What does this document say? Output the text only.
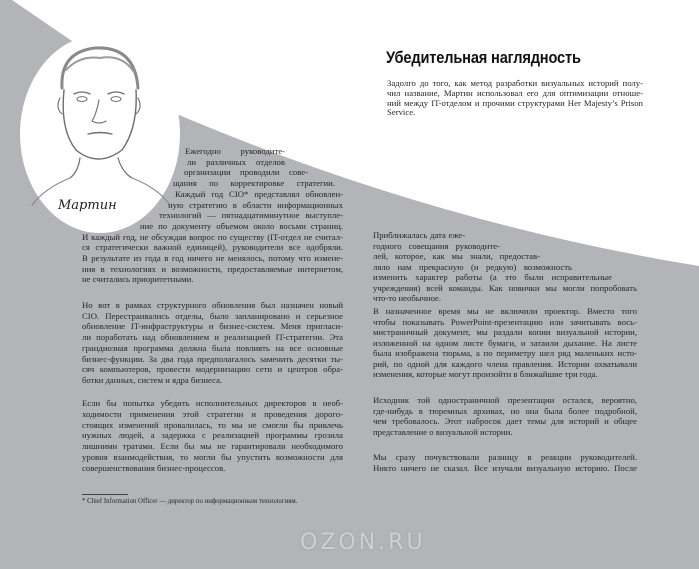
Мартин
Убедительная наглядность
Задолго до того, как метод разработки визуальных историй полу-
чил название, Мартин использовал его для оптимизации отноше-
ний между IT-отделом и прочими структурами Her Majesty’s Prison
Service.
Ежегодно руководите-
ли различных отделов
организации проводили сове-
щания по корректировке стратегии.
Каждый год CIO* представлял обновлен-
ную стратегию в области информационных
технологий — пятнадцатиминутное выступле-
ние по документу объемом около восьми страниц.
И каждый год, не обсуждая вопрос по существу (IT-отдел не считал-
ся стратегически важной единицей), руководители все одобряли.
В результате из года в год ничего не менялось, потому что измене-
ния в технологиях и возможности, предоставляемые интернетом,
не считались приоритетными.
Но вот в рамках структурного обновления был назначен новый
CIO. Перестраивались отделы, было запланировано и серьезное
обновление IT-инфраструктуры и бизнес-систем. Меня пригласи-
ли поработать над обновлением и реализацией IT-стратегии. Эта
грандиозная программа должна была повлиять на все основные
бизнес-функции. За два года предполагалось заменить десятки ты-
сяч компьютеров, провести модернизацию сети и центров обра-
ботки данных, систем и ядра бизнеса.
Если бы попытка убедить исполнительных директоров в необ-
ходимости применения этой стратегии и проведения дорого-
стоящих изменений провалилась, то мы не смогли бы привлечь
нужных людей, а задержка с реализацией программы грозила
лишними тратами. Если бы мы не гарантировали необходимого
уровня взаимодействия, то могли бы упустить возможности для
совершенствования бизнес-процессов.
Приближалась дата еже-
годного совещания руководите-
лей, которое, как мы знали, предостав-
ляло нам прекрасную (и редкую) возможность
изменить характер работы (а это были исправительные
учреждения) всей команды. Как новички мы могли попробовать
что-то необычное.
В назначенное время мы не включили проектор. Вместо того
чтобы показывать PowerPoint-презентацию или зачитывать вось-
мистраничный документ, мы раздали копии визуальной истории,
изложенной на одном листе бумаги, и затаили дыхание. На листе
была изображена тюрьма, а по периметру шел ряд маленьких исто-
рий, по одной для каждого члена правления. Истории охватывали
изменения, которые могут произойти в ближайшие три года.
Исходник той одностраничной презентации остался, вероятно,
где-нибудь в тюремных архивах, но она была более подробной,
чем требовалось. Этот набросок дает темы для историй и общее
представление о визуальной истории.
Мы сразу почувствовали разницу в реакции руководителей.
Никто ничего не сказал. Все изучали визуальную историю. После
* Chief Information Officer — директор по информационным технологиям.
OZON.RU
